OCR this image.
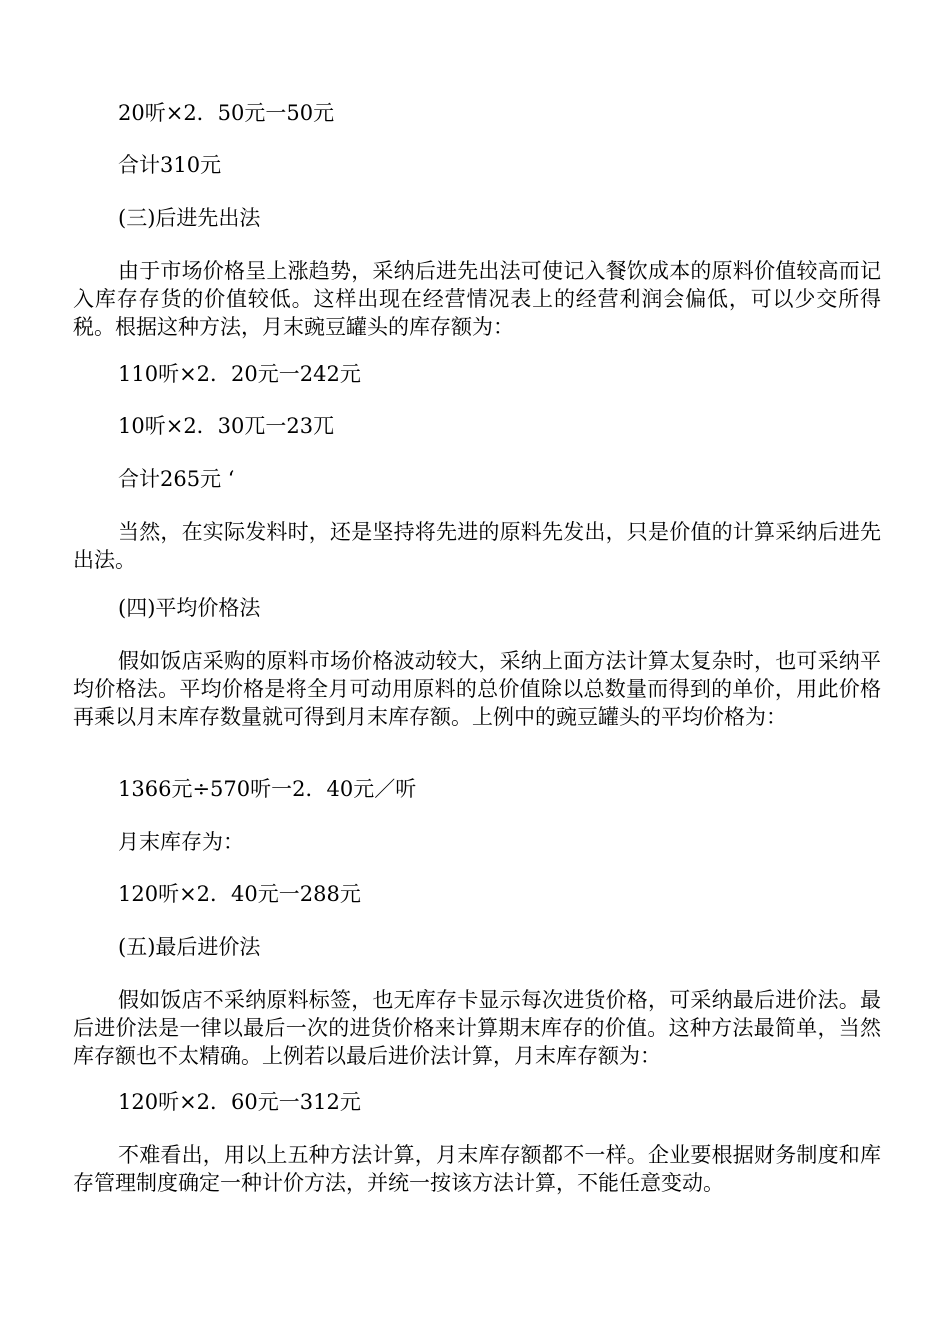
20听×2．50元一50元

合计310元

(三)后进先出法

由于市场价格呈上涨趋势，采纳后进先出法可使记入餐饮成本的原料价值较高而记入库存存货的价值较低。这样出现在经营情况表上的经营利润会偏低，可以少交所得税。根据这种方法，月末豌豆罐头的库存额为：

110听×2．20元一242元

10听×2．30兀一23兀

合计265元 ‘

当然，在实际发料时，还是坚持将先进的原料先发出，只是价值的计算采纳后进先出法。

(四)平均价格法

假如饭店采购的原料市场价格波动较大，采纳上面方法计算太复杂时，也可采纳平均价格法。平均价格是将全月可动用原料的总价值除以总数量而得到的单价，用此价格再乘以月末库存数量就可得到月末库存额。上例中的豌豆罐头的平均价格为：

1366元÷570听一2．40元／听

月末库存为：

120听×2．40元一288元

(五)最后进价法

假如饭店不采纳原料标签，也无库存卡显示每次进货价格，可采纳最后进价法。最后进价法是一律以最后一次的进货价格来计算期末库存的价值。这种方法最简单，当然库存额也不太精确。上例若以最后进价法计算，月末库存额为：

120听×2．60元一312元

不难看出，用以上五种方法计算，月末库存额都不一样。企业要根据财务制度和库存管理制度确定一种计价方法，并统一按该方法计算，不能任意变动。
